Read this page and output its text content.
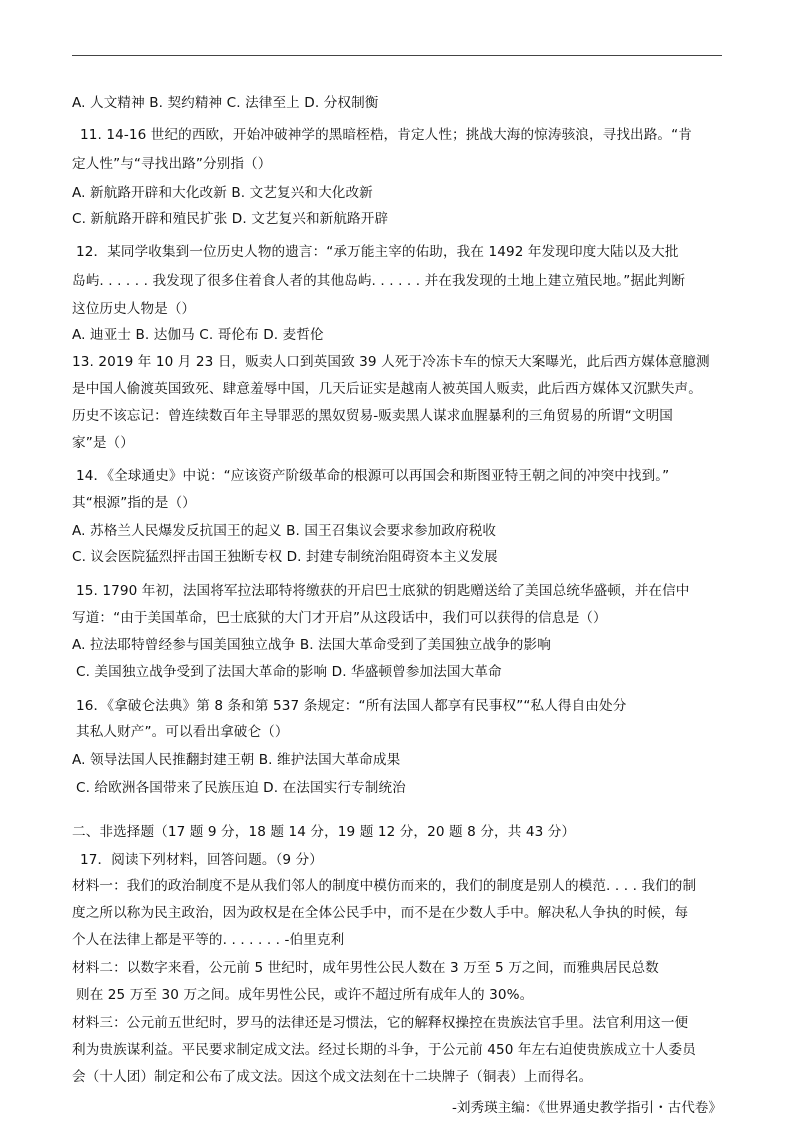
A. 人文精神 B. 契约精神 C. 法律至上 D. 分权制衡
11. 14-16 世纪的西欧，开始冲破神学的黑暗桎梏，肯定人性；挑战大海的惊涛骇浪，寻找出路。“肯
定人性”与“寻找出路”分别指（）
A. 新航路开辟和大化改新 B. 文艺复兴和大化改新
C. 新航路开辟和殖民扩张 D. 文艺复兴和新航路开辟
12．某同学收集到一位历史人物的遗言：“承万能主宰的佑助，我在 1492 年发现印度大陆以及大批
岛屿. . . . . . 我发现了很多住着食人者的其他岛屿. . . . . . 并在我发现的土地上建立殖民地。”据此判断
这位历史人物是（）
A. 迪亚士 B. 达伽马 C. 哥伦布 D. 麦哲伦
13. 2019 年 10 月 23 日，贩卖人口到英国致 39 人死于冷冻卡车的惊天大案曝光，此后西方媒体意臆测
是中国人偷渡英国致死、肆意羞辱中国，几天后证实是越南人被英国人贩卖，此后西方媒体又沉默失声。
历史不该忘记：曾连续数百年主导罪恶的黑奴贸易-贩卖黑人谋求血腥暴利的三角贸易的所谓“文明国
家”是（）
14．《全球通史》中说：“应该资产阶级革命的根源可以再国会和斯图亚特王朝之间的冲突中找到。”
其“根源”指的是（）
A. 苏格兰人民爆发反抗国王的起义 B. 国王召集议会要求参加政府税收
C. 议会医院猛烈抨击国王独断专权 D. 封建专制统治阻碍资本主义发展
15. 1790 年初，法国将军拉法耶特将缴获的开启巴士底狱的钥匙赠送给了美国总统华盛顿，并在信中
写道：“由于美国革命，巴士底狱的大门才开启”从这段话中，我们可以获得的信息是（）
A. 拉法耶特曾经参与国美国独立战争 B. 法国大革命受到了美国独立战争的影响
C. 美国独立战争受到了法国大革命的影响 D. 华盛顿曾参加法国大革命
16．《拿破仑法典》第 8 条和第 537 条规定：“所有法国人都享有民事权”“私人得自由处分
其私人财产”。可以看出拿破仑（）
A. 领导法国人民推翻封建王朝 B. 维护法国大革命成果
C. 给欧洲各国带来了民族压迫 D. 在法国实行专制统治
二、非选择题（17 题 9 分，18 题 14 分，19 题 12 分，20 题 8 分，共 43 分）
17．阅读下列材料，回答问题。（9 分）
材料一：我们的政治制度不是从我们邻人的制度中模仿而来的，我们的制度是别人的模范. . . . 我们的制
度之所以称为民主政治，因为政权是在全体公民手中，而不是在少数人手中。解决私人争执的时候，每
个人在法律上都是平等的. . . . . . . -伯里克利
材料二：以数字来看，公元前 5 世纪时，成年男性公民人数在 3 万至 5 万之间，而雅典居民总数
则在 25 万至 30 万之间。成年男性公民，或许不超过所有成年人的 30%。
材料三：公元前五世纪时，罗马的法律还是习惯法，它的解释权操控在贵族法官手里。法官利用这一便
利为贵族谋利益。平民要求制定成文法。经过长期的斗争，于公元前 450 年左右迫使贵族成立十人委员
会（十人团）制定和公布了成文法。因这个成文法刻在十二块牌子（铜表）上而得名。
-刘秀瑛主编：《世界通史教学指引・古代卷》
